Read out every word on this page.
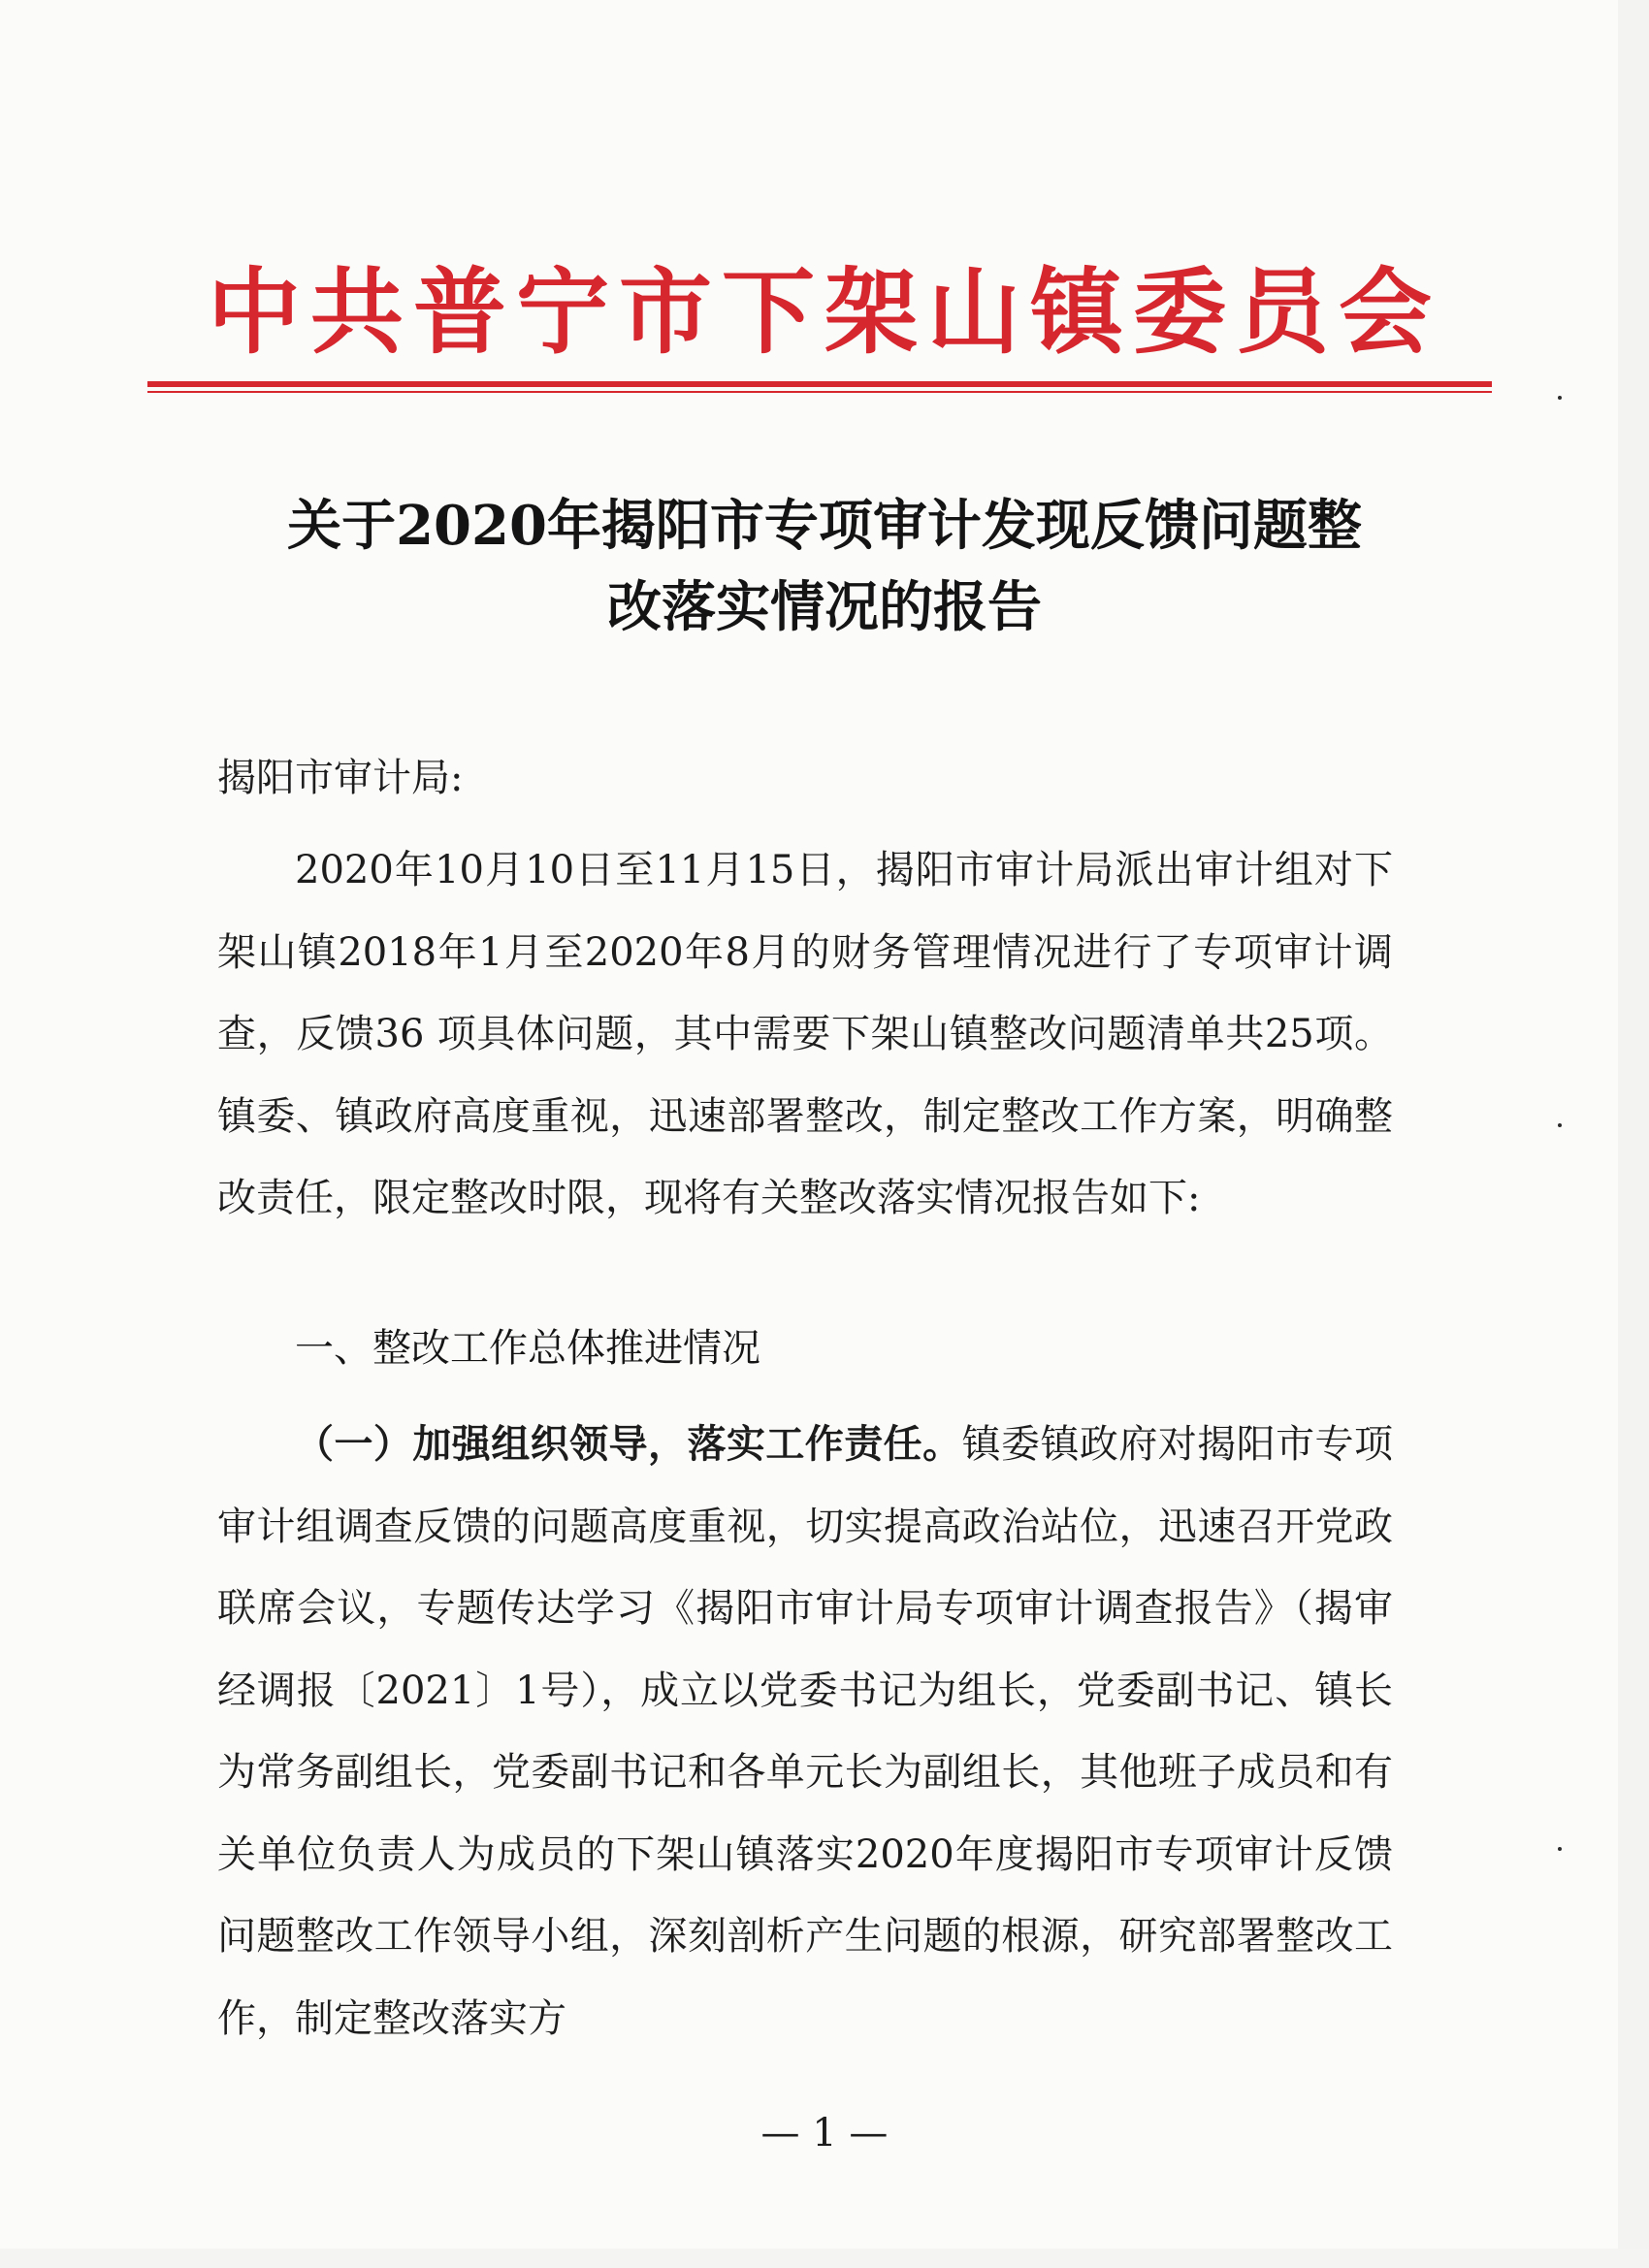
中共普宁市下架山镇委员会
关于2020年揭阳市专项审计发现反馈问题整
改落实情况的报告
揭阳市审计局:
2020年10月10日至11月15日，揭阳市审计局派出审计组对下架山镇2018年1月至2020年8月的财务管理情况进行了专项审计调查，反馈36 项具体问题，其中需要下架山镇整改问题清单共25项。镇委、镇政府高度重视，迅速部署整改，制定整改工作方案，明确整改责任，限定整改时限，现将有关整改落实情况报告如下:
一、整改工作总体推进情况
（一）加强组织领导，落实工作责任。镇委镇政府对揭阳市专项审计组调查反馈的问题高度重视，切实提高政治站位，迅速召开党政联席会议，专题传达学习《揭阳市审计局专项审计调查报告》（揭审经调报〔2021〕1号），成立以党委书记为组长，党委副书记、镇长为常务副组长，党委副书记和各单元长为副组长，其他班子成员和有关单位负责人为成员的下架山镇落实2020年度揭阳市专项审计反馈问题整改工作领导小组，深刻剖析产生问题的根源，研究部署整改工作，制定整改落实方
— 1 —
